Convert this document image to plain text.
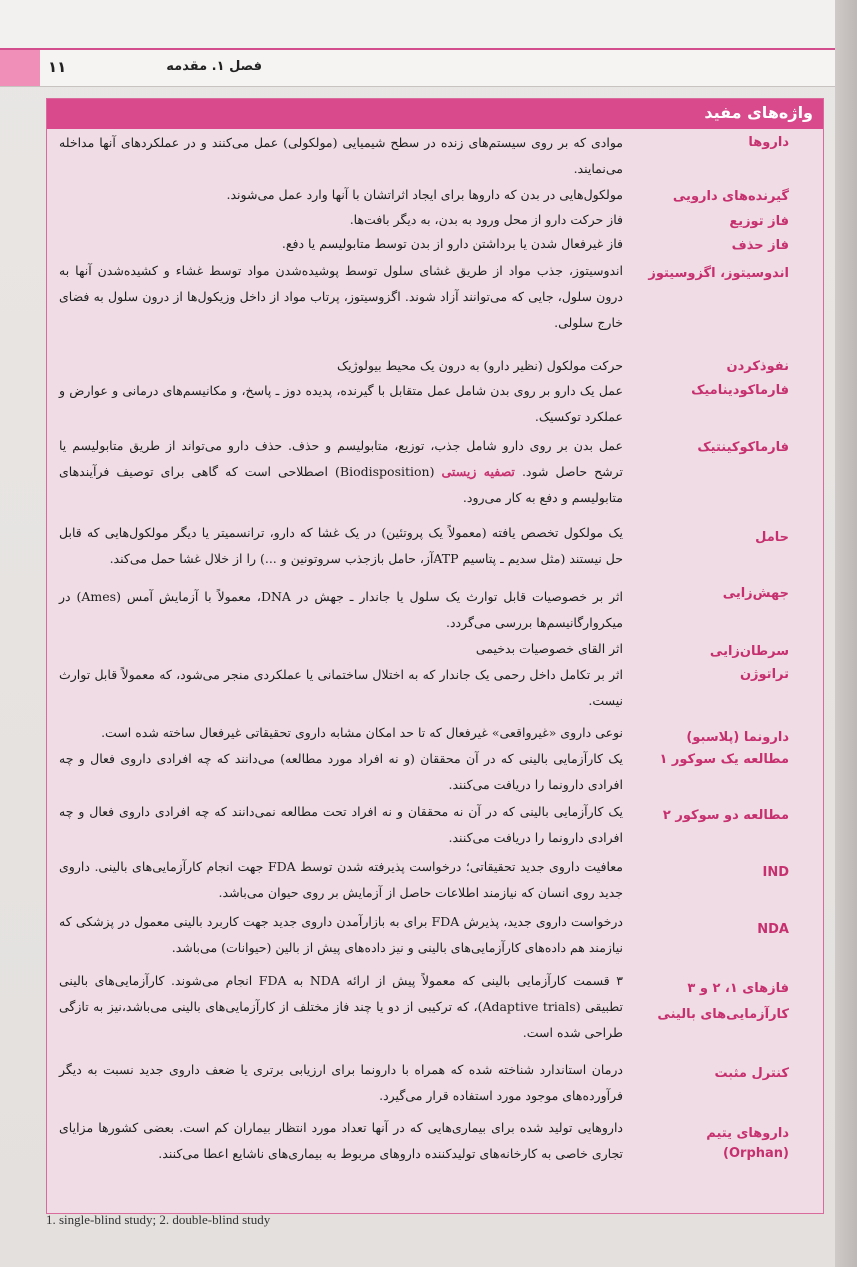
۱۱	فصل ۱. مقدمه
واژه‌های مفید
داروها
موادی که بر روی سیستم‌های زنده در سطح شیمیایی (مولکولی) عمل می‌کنند و در عملکردهای آنها مداخله می‌نمایند.
گیرنده‌های دارویی
مولکول‌هایی در بدن که داروها برای ایجاد اثراتشان با آنها وارد عمل می‌شوند.
فاز توزیع
فاز حرکت دارو از محل ورود به بدن، به دیگر بافت‌ها.
فاز حذف
فاز غیرفعال شدن یا برداشتن دارو از بدن توسط متابولیسم یا دفع.
اندوسیتوز، اگزوسیتوز
اندوسیتوز، جذب مواد از طریق غشای سلول توسط پوشیده‌شدن مواد توسط غشاء و کشیده‌شدن آنها به درون سلول، جایی که می‌توانند آزاد شوند. اگزوسیتوز، پرتاب مواد از داخل وزیکول‌ها از درون سلول به فضای خارج سلولی.
نفوذکردن
حرکت مولکول (نظیر دارو) به درون یک محیط بیولوژیک
فارماکودینامیک
عمل یک دارو بر روی بدن شامل عمل متقابل با گیرنده، پدیده دوز ـ پاسخ، و مکانیسم‌های درمانی و عوارض و عملکرد توکسیک.
فارماکوکینتیک
عمل بدن بر روی دارو شامل جذب، توزیع، متابولیسم و حذف. حذف دارو می‌تواند از طریق متابولیسم یا ترشح حاصل شود. تصفیه زیستی (Biodisposition) اصطلاحی است که گاهی برای توصیف فرآیندهای متابولیسم و دفع به کار می‌رود.
حامل
یک مولکول تخصص یافته (معمولاً یک پروتئین) در یک غشا که دارو، ترانسمیتر یا دیگر مولکول‌هایی که قابل حل نیستند (مثل سدیم ـ پتاسیم ATPآز، حامل بازجذب سروتونین و ...) را از خلال غشا حمل می‌کند.
جهش‌زایی
اثر بر خصوصیات قابل توارث یک سلول یا جاندار ـ جهش در DNA، معمولاً با آزمایش آمس (Ames) در میکروارگانیسم‌ها بررسی می‌گردد.
سرطان‌زایی
اثر القای خصوصیات بدخیمی
تراتوژن
اثر بر تکامل داخل رحمی یک جاندار که به اختلال ساختمانی یا عملکردی منجر می‌شود، که معمولاً قابل توارث نیست.
دارونما (پلاسبو)
نوعی داروی «غیرواقعی» غیرفعال که تا حد امکان مشابه داروی تحقیقاتی غیرفعال ساخته شده است.
مطالعه یک سوکور ۱
یک کارآزمایی بالینی که در آن محققان (و نه افراد مورد مطالعه) می‌دانند که چه افرادی داروی فعال و چه افرادی دارونما را دریافت می‌کنند.
مطالعه دو سوکور ۲
یک کارآزمایی بالینی که در آن نه محققان و نه افراد تحت مطالعه نمی‌دانند که چه افرادی داروی فعال و چه افرادی دارونما را دریافت می‌کنند.
IND
معافیت داروی جدید تحقیقاتی؛ درخواست پذیرفته شدن توسط FDA جهت انجام کارآزمایی‌های بالینی. داروی جدید روی انسان که نیازمند اطلاعات حاصل از آزمایش بر روی حیوان می‌باشد.
NDA
درخواست داروی جدید، پذیرش FDA برای به بازارآمدن داروی جدید جهت کاربرد بالینی معمول در پزشکی که نیازمند هم داده‌های کارآزمایی‌های بالینی و نیز داده‌های پیش از بالین (حیوانات) می‌باشد.
فازهای ۱، ۲ و ۳ کارآزمایی‌های بالینی
۳ قسمت کارآزمایی بالینی که معمولاً پیش از ارائه NDA به FDA انجام می‌شوند. کارآزمایی‌های بالینی تطبیقی (Adaptive trials)، که ترکیبی از دو یا چند فاز مختلف از کارآزمایی‌های بالینی می‌باشد،نیز به تازگی طراحی شده است.
کنترل مثبت
درمان استاندارد شناخته شده که همراه با دارونما برای ارزیابی برتری یا ضعف داروی جدید نسبت به دیگر فرآورده‌های موجود مورد استفاده قرار می‌گیرد.
داروهای یتیم
(Orphan)
داروهایی تولید شده برای بیماری‌هایی که در آنها تعداد مورد انتظار بیماران کم است. بعضی کشورها مزایای تجاری خاصی به کارخانه‌های تولیدکننده داروهای مربوط به بیماری‌های ناشایع اعطا می‌کنند.
1. single-blind study; 2. double-blind study
